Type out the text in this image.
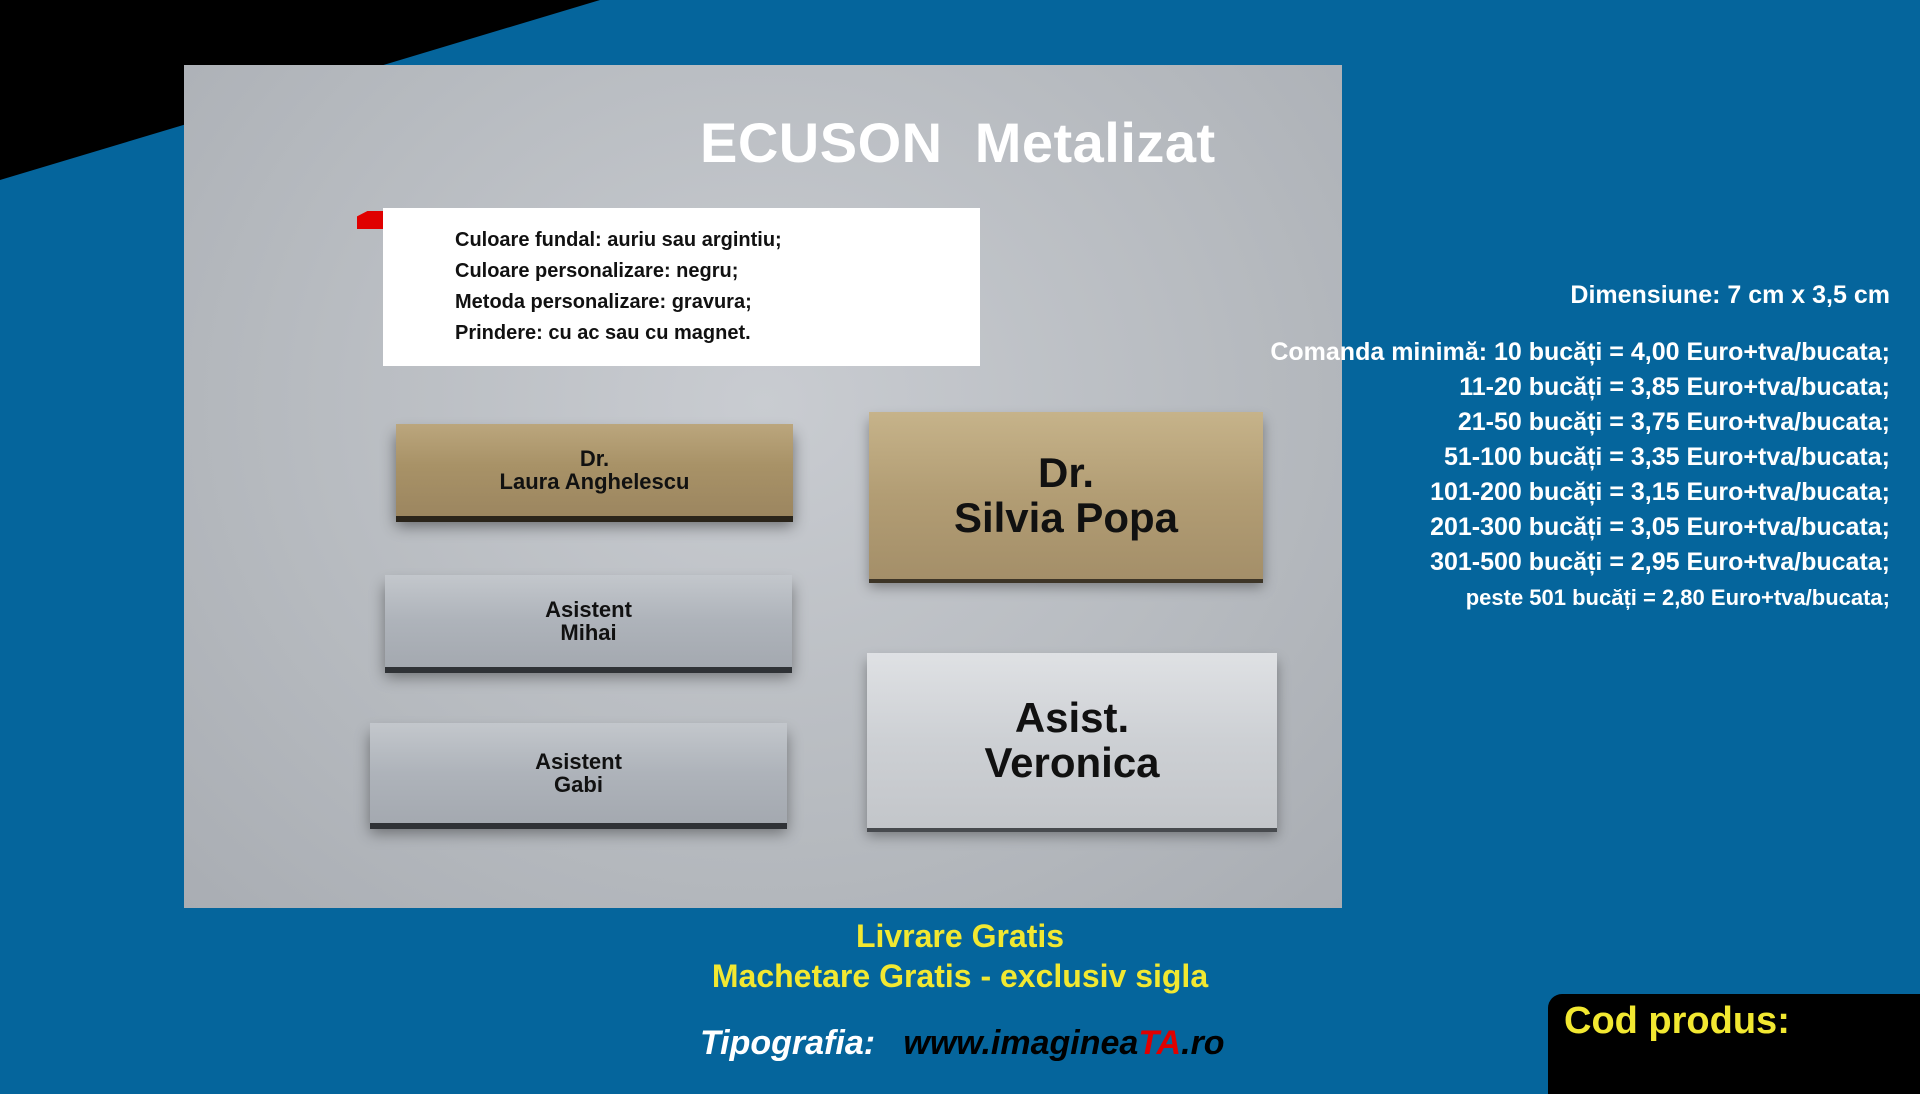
ECUSON  Metalizat
Culoare fundal: auriu sau argintiu;
Culoare personalizare: negru;
Metoda personalizare: gravura;
Prindere: cu ac sau cu magnet.
Dr.
Laura Anghelescu
Asistent
Mihai
Asistent
Gabi
Dr.
Silvia Popa
Asist.
Veronica
Dimensiune: 7 cm x 3,5 cm
Comanda minimă: 10 bucăți = 4,00 Euro+tva/bucata;
11-20 bucăți = 3,85 Euro+tva/bucata;
21-50 bucăți = 3,75 Euro+tva/bucata;
51-100 bucăți = 3,35 Euro+tva/bucata;
101-200 bucăți = 3,15 Euro+tva/bucata;
201-300 bucăți = 3,05 Euro+tva/bucata;
301-500 bucăți = 2,95 Euro+tva/bucata;
peste 501 bucăți = 2,80 Euro+tva/bucata;
Livrare Gratis
Machetare Gratis - exclusiv sigla
Tipografia: www.imagineaTA.ro
Cod produs:
